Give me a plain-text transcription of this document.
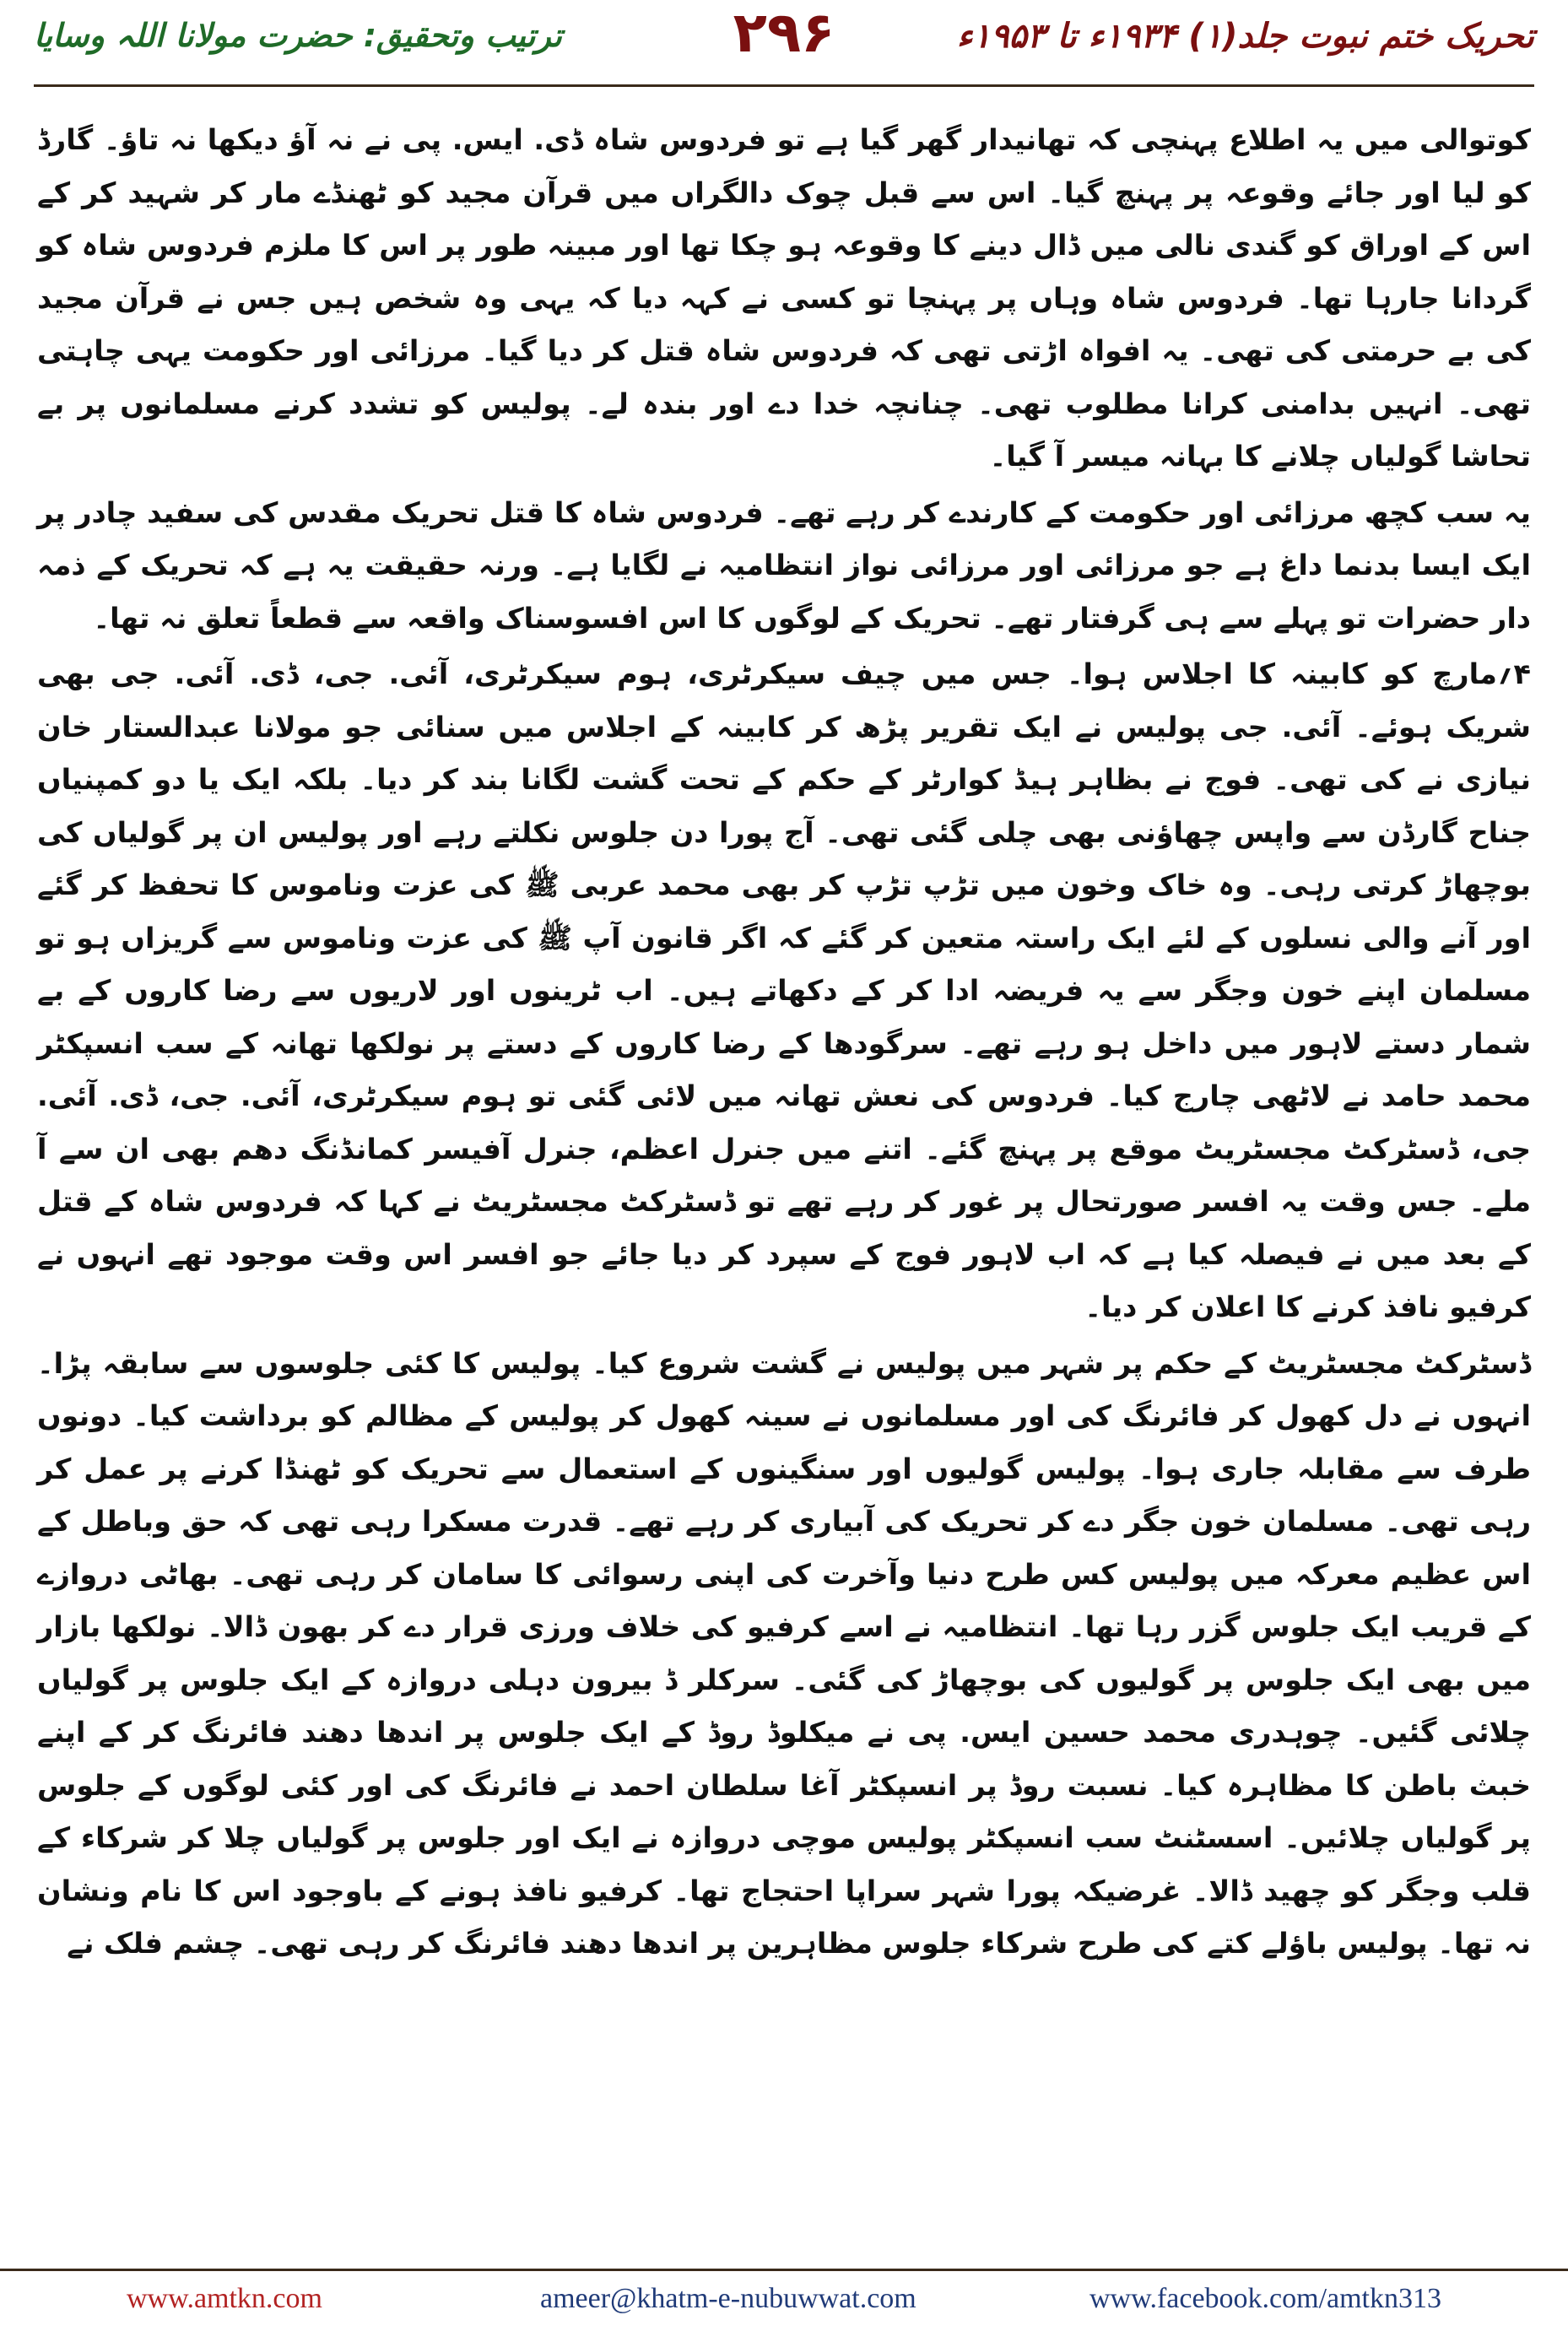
تحریک ختم نبوت جلد(۱) ۱۹۳۴ء تا ۱۹۵۳ء
۲۹۶
ترتیب وتحقیق: حضرت مولانا اللہ وسایا

کوتوالی میں یہ اطلاع پہنچی کہ تھانیدار گھر گیا ہے تو فردوس شاہ ڈی. ایس. پی نے نہ آؤ دیکھا نہ تاؤ۔ گارڈ کو لیا اور جائے وقوعہ پر پہنچ گیا۔ اس سے قبل چوک دالگراں میں قرآن مجید کو ٹھنڈے مار کر شہید کر کے اس کے اوراق کو گندی نالی میں ڈال دینے کا وقوعہ ہو چکا تھا اور مبینہ طور پر اس کا ملزم فردوس شاہ کو گردانا جارہا تھا۔ فردوس شاہ وہاں پر پہنچا تو کسی نے کہہ دیا کہ یہی وہ شخص ہیں جس نے قرآن مجید کی بے حرمتی کی تھی۔ یہ افواہ اڑتی تھی کہ فردوس شاہ قتل کر دیا گیا۔ مرزائی اور حکومت یہی چاہتی تھی۔ انہیں بدامنی کرانا مطلوب تھی۔ چنانچہ خدا دے اور بندہ لے۔ پولیس کو تشدد کرنے مسلمانوں پر بے تحاشا گولیاں چلانے کا بہانہ میسر آ گیا۔

یہ سب کچھ مرزائی اور حکومت کے کارندے کر رہے تھے۔ فردوس شاہ کا قتل تحریک مقدس کی سفید چادر پر ایک ایسا بدنما داغ ہے جو مرزائی اور مرزائی نواز انتظامیہ نے لگایا ہے۔ ورنہ حقیقت یہ ہے کہ تحریک کے ذمہ دار حضرات تو پہلے سے ہی گرفتار تھے۔ تحریک کے لوگوں کا اس افسوسناک واقعہ سے قطعاً تعلق نہ تھا۔

۴؍مارچ کو کابینہ کا اجلاس ہوا۔ جس میں چیف سیکرٹری، ہوم سیکرٹری، آئی. جی، ڈی. آئی. جی بھی شریک ہوئے۔ آئی. جی پولیس نے ایک تقریر پڑھ کر کابینہ کے اجلاس میں سنائی جو مولانا عبدالستار خان نیازی نے کی تھی۔ فوج نے بظاہر ہیڈ کوارٹر کے حکم کے تحت گشت لگانا بند کر دیا۔ بلکہ ایک یا دو کمپنیاں جناح گارڈن سے واپس چھاؤنی بھی چلی گئی تھی۔ آج پورا دن جلوس نکلتے رہے اور پولیس ان پر گولیاں کی بوچھاڑ کرتی رہی۔ وہ خاک وخون میں تڑپ تڑپ کر بھی محمد عربی ﷺ کی عزت وناموس کا تحفظ کر گئے اور آنے والی نسلوں کے لئے ایک راستہ متعین کر گئے کہ اگر قانون آپ ﷺ کی عزت وناموس سے گریزاں ہو تو مسلمان اپنے خون وجگر سے یہ فریضہ ادا کر کے دکھاتے ہیں۔ اب ٹرینوں اور لاریوں سے رضا کاروں کے بے شمار دستے لاہور میں داخل ہو رہے تھے۔ سرگودھا کے رضا کاروں کے دستے پر نولکھا تھانہ کے سب انسپکٹر محمد حامد نے لاٹھی چارج کیا۔ فردوس کی نعش تھانہ میں لائی گئی تو ہوم سیکرٹری، آئی. جی، ڈی. آئی. جی، ڈسٹرکٹ مجسٹریٹ موقع پر پہنچ گئے۔ اتنے میں جنرل اعظم، جنرل آفیسر کمانڈنگ دھم بھی ان سے آ ملے۔ جس وقت یہ افسر صورتحال پر غور کر رہے تھے تو ڈسٹرکٹ مجسٹریٹ نے کہا کہ فردوس شاہ کے قتل کے بعد میں نے فیصلہ کیا ہے کہ اب لاہور فوج کے سپرد کر دیا جائے جو افسر اس وقت موجود تھے انہوں نے کرفیو نافذ کرنے کا اعلان کر دیا۔

ڈسٹرکٹ مجسٹریٹ کے حکم پر شہر میں پولیس نے گشت شروع کیا۔ پولیس کا کئی جلوسوں سے سابقہ پڑا۔ انہوں نے دل کھول کر فائرنگ کی اور مسلمانوں نے سینہ کھول کر پولیس کے مظالم کو برداشت کیا۔ دونوں طرف سے مقابلہ جاری ہوا۔ پولیس گولیوں اور سنگینوں کے استعمال سے تحریک کو ٹھنڈا کرنے پر عمل کر رہی تھی۔ مسلمان خون جگر دے کر تحریک کی آبیاری کر رہے تھے۔ قدرت مسکرا رہی تھی کہ حق وباطل کے اس عظیم معرکہ میں پولیس کس طرح دنیا وآخرت کی اپنی رسوائی کا سامان کر رہی تھی۔ بھاٹی دروازے کے قریب ایک جلوس گزر رہا تھا۔ انتظامیہ نے اسے کرفیو کی خلاف ورزی قرار دے کر بھون ڈالا۔ نولکھا بازار میں بھی ایک جلوس پر گولیوں کی بوچھاڑ کی گئی۔ سرکلر ڈ بیرون دہلی دروازہ کے ایک جلوس پر گولیاں چلائی گئیں۔ چوہدری محمد حسین ایس. پی نے میکلوڈ روڈ کے ایک جلوس پر اندھا دھند فائرنگ کر کے اپنے خبث باطن کا مظاہرہ کیا۔ نسبت روڈ پر انسپکٹر آغا سلطان احمد نے فائرنگ کی اور کئی لوگوں کے جلوس پر گولیاں چلائیں۔ اسسٹنٹ سب انسپکٹر پولیس موچی دروازہ نے ایک اور جلوس پر گولیاں چلا کر شرکاء کے قلب وجگر کو چھید ڈالا۔ غرضیکہ پورا شہر سراپا احتجاج تھا۔ کرفیو نافذ ہونے کے باوجود اس کا نام ونشان نہ تھا۔ پولیس باؤلے کتے کی طرح شرکاء جلوس مظاہرین پر اندھا دھند فائرنگ کر رہی تھی۔ چشم فلک نے

www.amtkn.com	ameer@khatm-e-nubuwwat.com	www.facebook.com/amtkn313
